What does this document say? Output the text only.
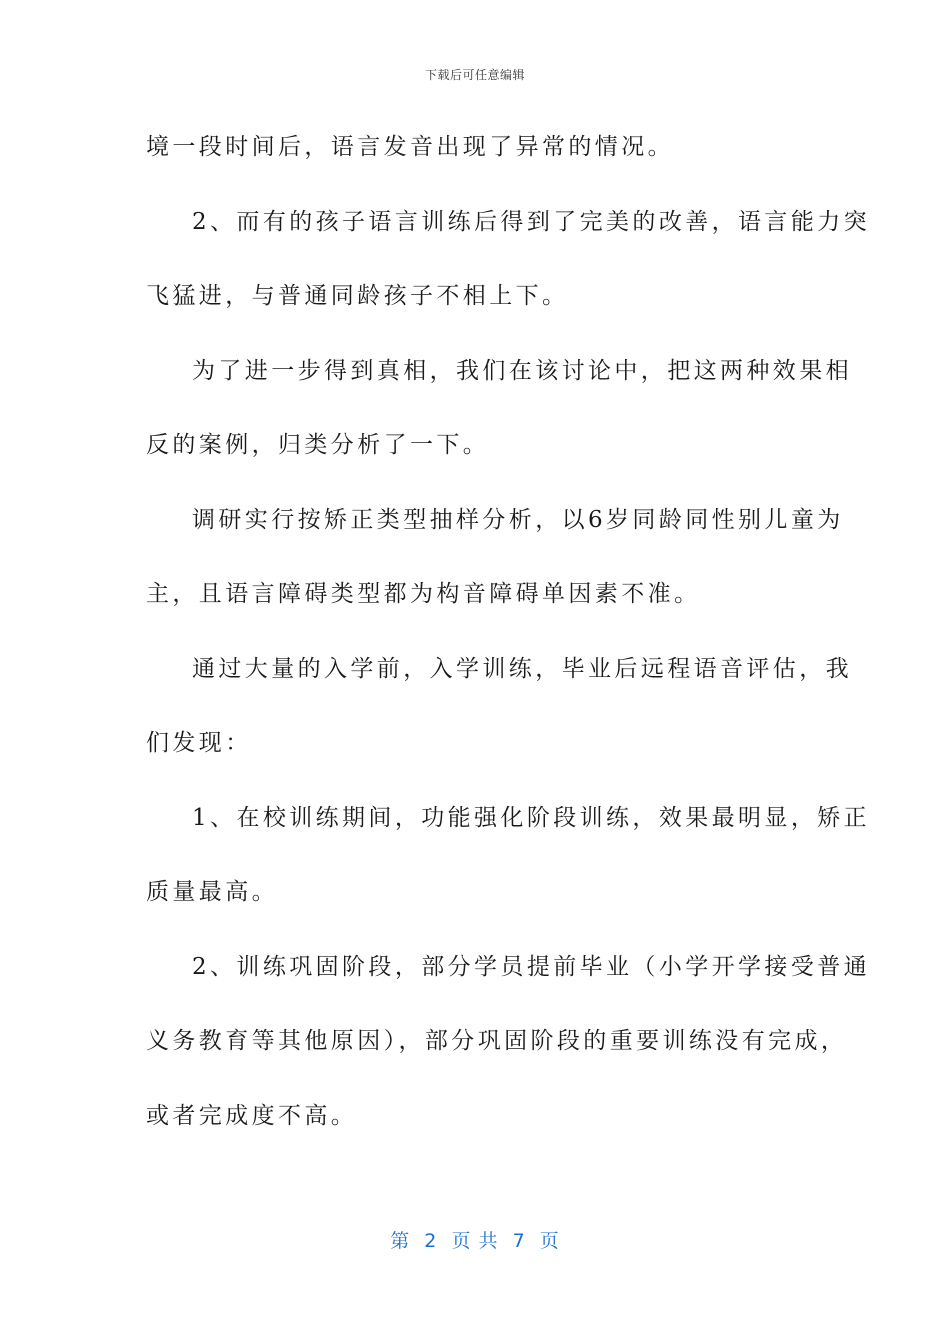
下载后可任意编辑
境一段时间后，语言发音出现了异常的情况。
2、而有的孩子语言训练后得到了完美的改善，语言能力突
飞猛进，与普通同龄孩子不相上下。
为了进一步得到真相，我们在该讨论中，把这两种效果相
反的案例，归类分析了一下。
调研实行按矫正类型抽样分析，以6岁同龄同性别儿童为
主，且语言障碍类型都为构音障碍单因素不准。
通过大量的入学前，入学训练，毕业后远程语音评估，我
们发现：
1、在校训练期间，功能强化阶段训练，效果最明显，矫正
质量最高。
2、训练巩固阶段，部分学员提前毕业（小学开学接受普通
义务教育等其他原因），部分巩固阶段的重要训练没有完成，
或者完成度不高。
第  2  页 共  7  页
